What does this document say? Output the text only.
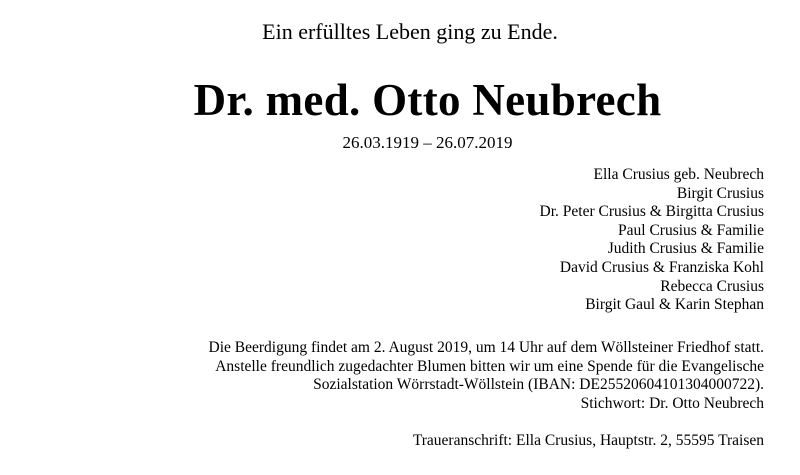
Ein erfülltes Leben ging zu Ende.
Dr. med. Otto Neubrech
26.03.1919 – 26.07.2019
Ella Crusius geb. Neubrech
Birgit Crusius
Dr. Peter Crusius & Birgitta Crusius
Paul Crusius & Familie
Judith Crusius & Familie
David Crusius & Franziska Kohl
Rebecca Crusius
Birgit Gaul & Karin Stephan
Die Beerdigung findet am 2. August 2019, um 14 Uhr auf dem Wöllsteiner Friedhof statt.
Anstelle freundlich zugedachter Blumen bitten wir um eine Spende für die Evangelische
Sozialstation Wörrstadt-Wöllstein (IBAN: DE25520604101304000722).
Stichwort: Dr. Otto Neubrech
Traueranschrift: Ella Crusius, Hauptstr. 2, 55595 Traisen
